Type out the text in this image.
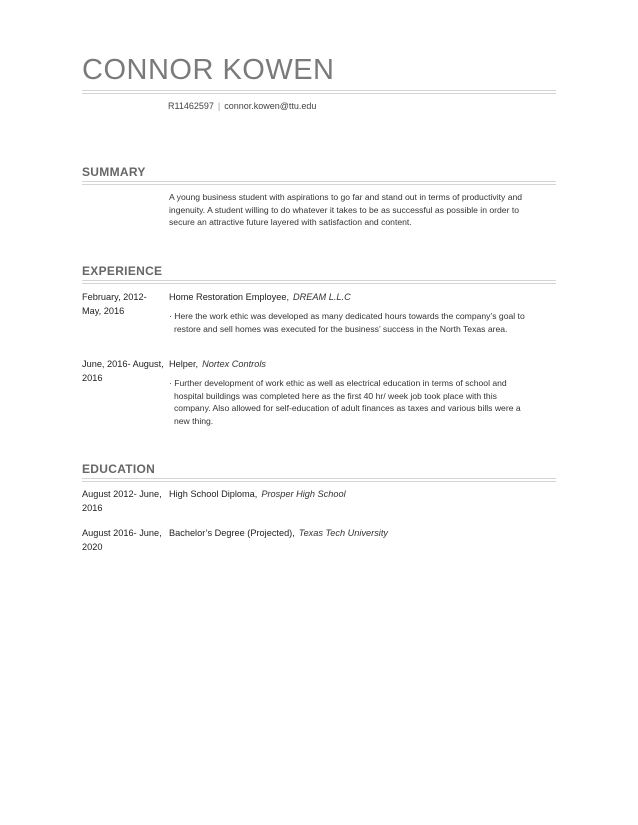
CONNOR KOWEN
R11462597 | connor.kowen@ttu.edu
SUMMARY

A young business student with aspirations to go far and stand out in terms of productivity and ingenuity. A student willing to do whatever it takes to be as successful as possible in order to secure an attractive future layered with satisfaction and content.

EXPERIENCE
February, 2012- May, 2016
Home Restoration Employee, DREAM L.L.C
· Here the work ethic was developed as many dedicated hours towards the company’s goal to restore and sell homes was executed for the business’ success in the North Texas area.
June, 2016- August, 2016
Helper, Nortex Controls
· Further development of work ethic as well as electrical education in terms of school and hospital buildings was completed here as the first 40 hr/ week job took place with this company. Also allowed for self-education of adult finances as taxes and various bills were a new thing.
EDUCATION
August 2012- June, 2016
High School Diploma, Prosper High School
August 2016- June, 2020
Bachelor’s Degree (Projected), Texas Tech University
